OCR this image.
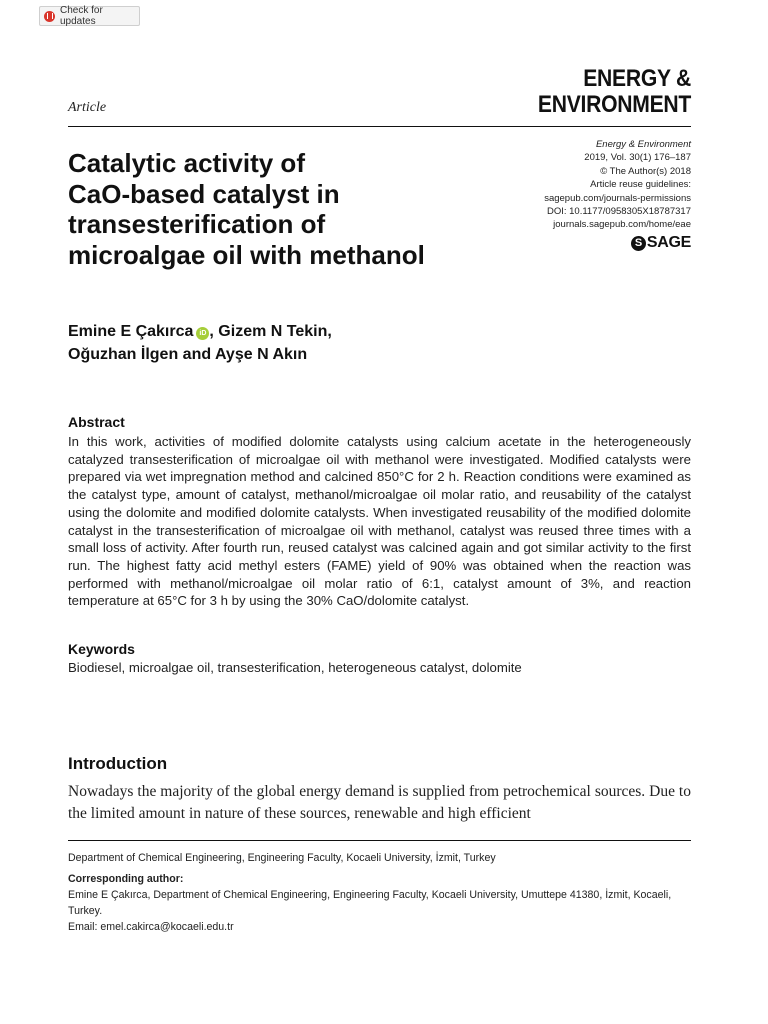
Check for updates
ENERGY &
ENVIRONMENT
Article
Catalytic activity of
CaO-based catalyst in
transesterification of
microalgae oil with methanol
Energy & Environment
2019, Vol. 30(1) 176–187
© The Author(s) 2018
Article reuse guidelines:
sagepub.com/journals-permissions
DOI: 10.1177/0958305X18787317
journals.sagepub.com/home/eae
S SAGE
Emine E Çakırca iD , Gizem N Tekin,
Oğuzhan İlgen and Ayşe N Akın
Abstract

In this work, activities of modified dolomite catalysts using calcium acetate in the heterogeneously catalyzed transesterification of microalgae oil with methanol were investigated. Modified catalysts were prepared via wet impregnation method and calcined 850°C for 2 h. Reaction conditions were examined as the catalyst type, amount of catalyst, methanol/microalgae oil molar ratio, and reusability of the catalyst using the dolomite and modified dolomite catalysts. When investigated reusability of the modified dolomite catalyst in the transesterification of microalgae oil with methanol, catalyst was reused three times with a small loss of activity. After fourth run, reused catalyst was calcined again and got similar activity to the first run. The highest fatty acid methyl esters (FAME) yield of 90% was obtained when the reaction was performed with methanol/microalgae oil molar ratio of 6:1, catalyst amount of 3%, and reaction temperature at 65°C for 3 h by using the 30% CaO/dolomite catalyst.

Keywords

Biodiesel, microalgae oil, transesterification, heterogeneous catalyst, dolomite

Introduction

Nowadays the majority of the global energy demand is supplied from petrochemical sources. Due to the limited amount in nature of these sources, renewable and high efficient

Department of Chemical Engineering, Engineering Faculty, Kocaeli University, İzmit, Turkey

Corresponding author:

Emine E Çakırca, Department of Chemical Engineering, Engineering Faculty, Kocaeli University, Umuttepe 41380, İzmit, Kocaeli, Turkey.

Email: emel.cakirca@kocaeli.edu.tr
